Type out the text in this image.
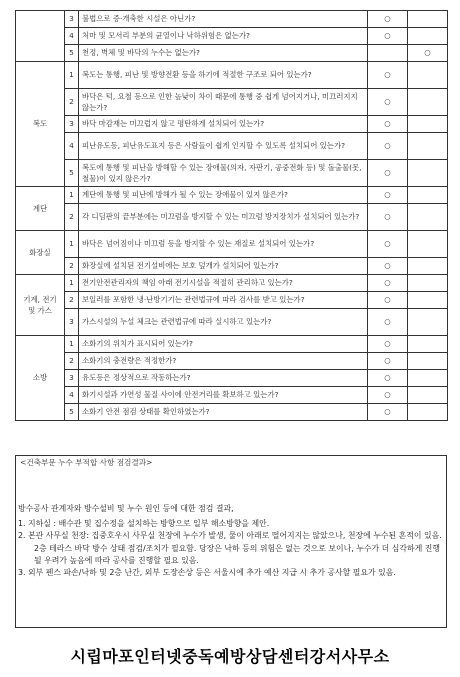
	3	불법으로 증·개축한 시설은 아닌가?	○	
	4	처마 및 모서리 부분의 균열이나 낙하위험은 없는가?	○	
	5	천정, 벽체 및 바닥의 누수는 없는가?		○
복도	1	복도는 통행, 피난 및 방향전환 등을 하기에 적절한 구조로 되어 있는가?	○	
	2	바닥은 턱, 요철 등으로 인한 높낮이 차이 때문에 통행 중 쉽게 넘어지거나, 미끄러지지 않는가?	○	
	3	바닥 마감재는 미끄럽지 않고 평탄하게 설치되어 있는가?	○	
	4	피난유도등, 피난유도표지 등은 사람들이 쉽게 인지할 수 있도록 설치되어 있는가?	○	
	5	복도에 통행 및 피난을 방해할 수 있는 장애물(의자, 자판기, 공중전화 등) 및 돌출물(못, 철물)이 있지 않은가?	○	
계단	1	계단에 통행 및 피난에 방해가 될 수 있는 장애물이 있지 않은가?	○	
	2	각 디딤판의 끝부분에는 미끄럼을 방지할 수 있는 미끄럼 방지장치가 설치되어 있는가?	○	
화장실	1	바닥은 넘어짐이나 미끄럼 등을 방지할 수 있는 재질로 설치되어 있는가?	○	
	2	화장실에 설치된 전기설비에는 보호 덮개가 설치되어 있는가?	○	
기계, 전기 및 가스	1	전기안전관리자의 책임 아래 전기시설을 적절히 관리하고 있는가?	○	
	2	보일러를 포함한 냉·난방기기는 관련법규에 따라 검사를 받고 있는가?	○	
	3	가스시설의 누설 체크는 관련법규에 따라 실시하고 있는가?	○	
소방	1	소화기의 위치가 표시되어 있는가?	○	
	2	소화기의 충전량은 적정한가?	○	
	3	유도등은 정상적으로 작동하는가?	○	
	4	화기시설과 가연성 물질 사이에 안전거리를 확보하고 있는가?	○	
	5	소화기 안전 점검 상태를 확인하였는가?	○	
<건축부문 누수 부적합 사항 점검결과>
방수공사 관계자와 방수설비 및 누수 원인 등에 대한 점검 결과,
1. 지하실 : 배수관 및 집수정을 설치하는 방향으로 일부 해소방향을 제안.
2. 본관 사무실 천장: 집중호우시 사무실 천장에 누수가 발생, 물이 아래로 떨어지지는 않았으나, 천장에 누수된 흔적이 있음. 2층 테라스 바닥 방수 상태 점검/조치가 필요함. 당장은 낙하 등의 위험은 없는 것으로 보이나, 누수가 더 심각하게 진행될 우려가 높음에 따라 공사를 진행할 필요 있음.
3. 외부 펜스 파손/낙하 및 2층 난간, 외부 도장손상 등은 서울시에 추가 예산 지급 시 추가 공사할 필요가 있음.
시립마포인터넷중독예방상담센터강서사무소
